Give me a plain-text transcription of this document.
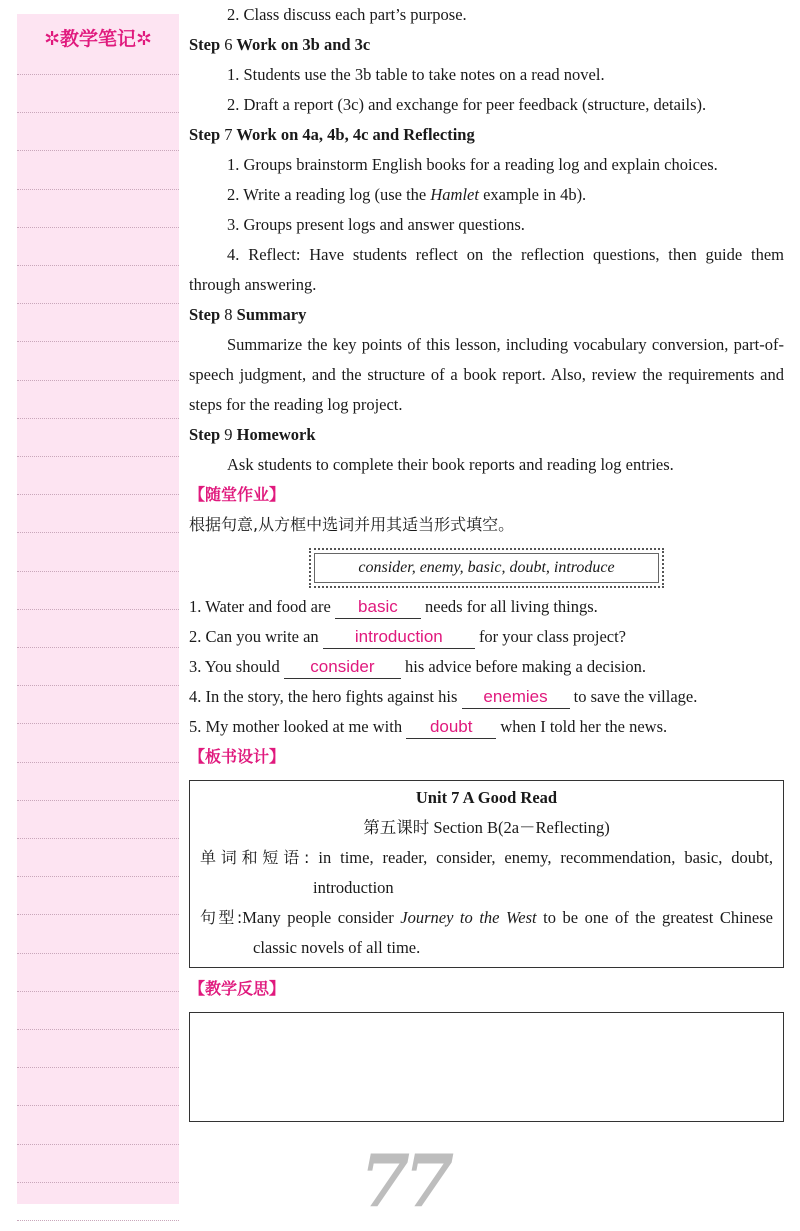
✲教学笔记✲

2. Class discuss each part’s purpose.

Step 6 Work on 3b and 3c

1. Students use the 3b table to take notes on a read novel.

2. Draft a report (3c) and exchange for peer feedback (structure, details).

Step 7 Work on 4a, 4b, 4c and Reflecting

1. Groups brainstorm English books for a reading log and explain choices.

2. Write a reading log (use the Hamlet example in 4b).

3. Groups present logs and answer questions.

4. Reflect: Have students reflect on the reflection questions, then guide them through answering.

Step 8 Summary

Summarize the key points of this lesson, including vocabulary conversion, part-of-speech judgment, and the structure of a book report. Also, review the requirements and steps for the reading log project.

Step 9 Homework

Ask students to complete their book reports and reading log entries.

【随堂作业】

根据句意,从方框中选词并用其适当形式填空。

consider, enemy, basic, doubt, introduce

1. Water and food are basic needs for all living things.

2. Can you write an introduction for your class project?

3. You should consider his advice before making a decision.

4. In the story, the hero fights against his enemies to save the village.

5. My mother looked at me with doubt when I told her the news.

【板书设计】

Unit 7 A Good Read
第五课时 Section B(2a－Reflecting)
单词和短语: in time, reader, consider, enemy, recommendation, basic, doubt, introduction
句型:Many people consider Journey to the West to be one of the greatest Chinese classic novels of all time.

【教学反思】

77
